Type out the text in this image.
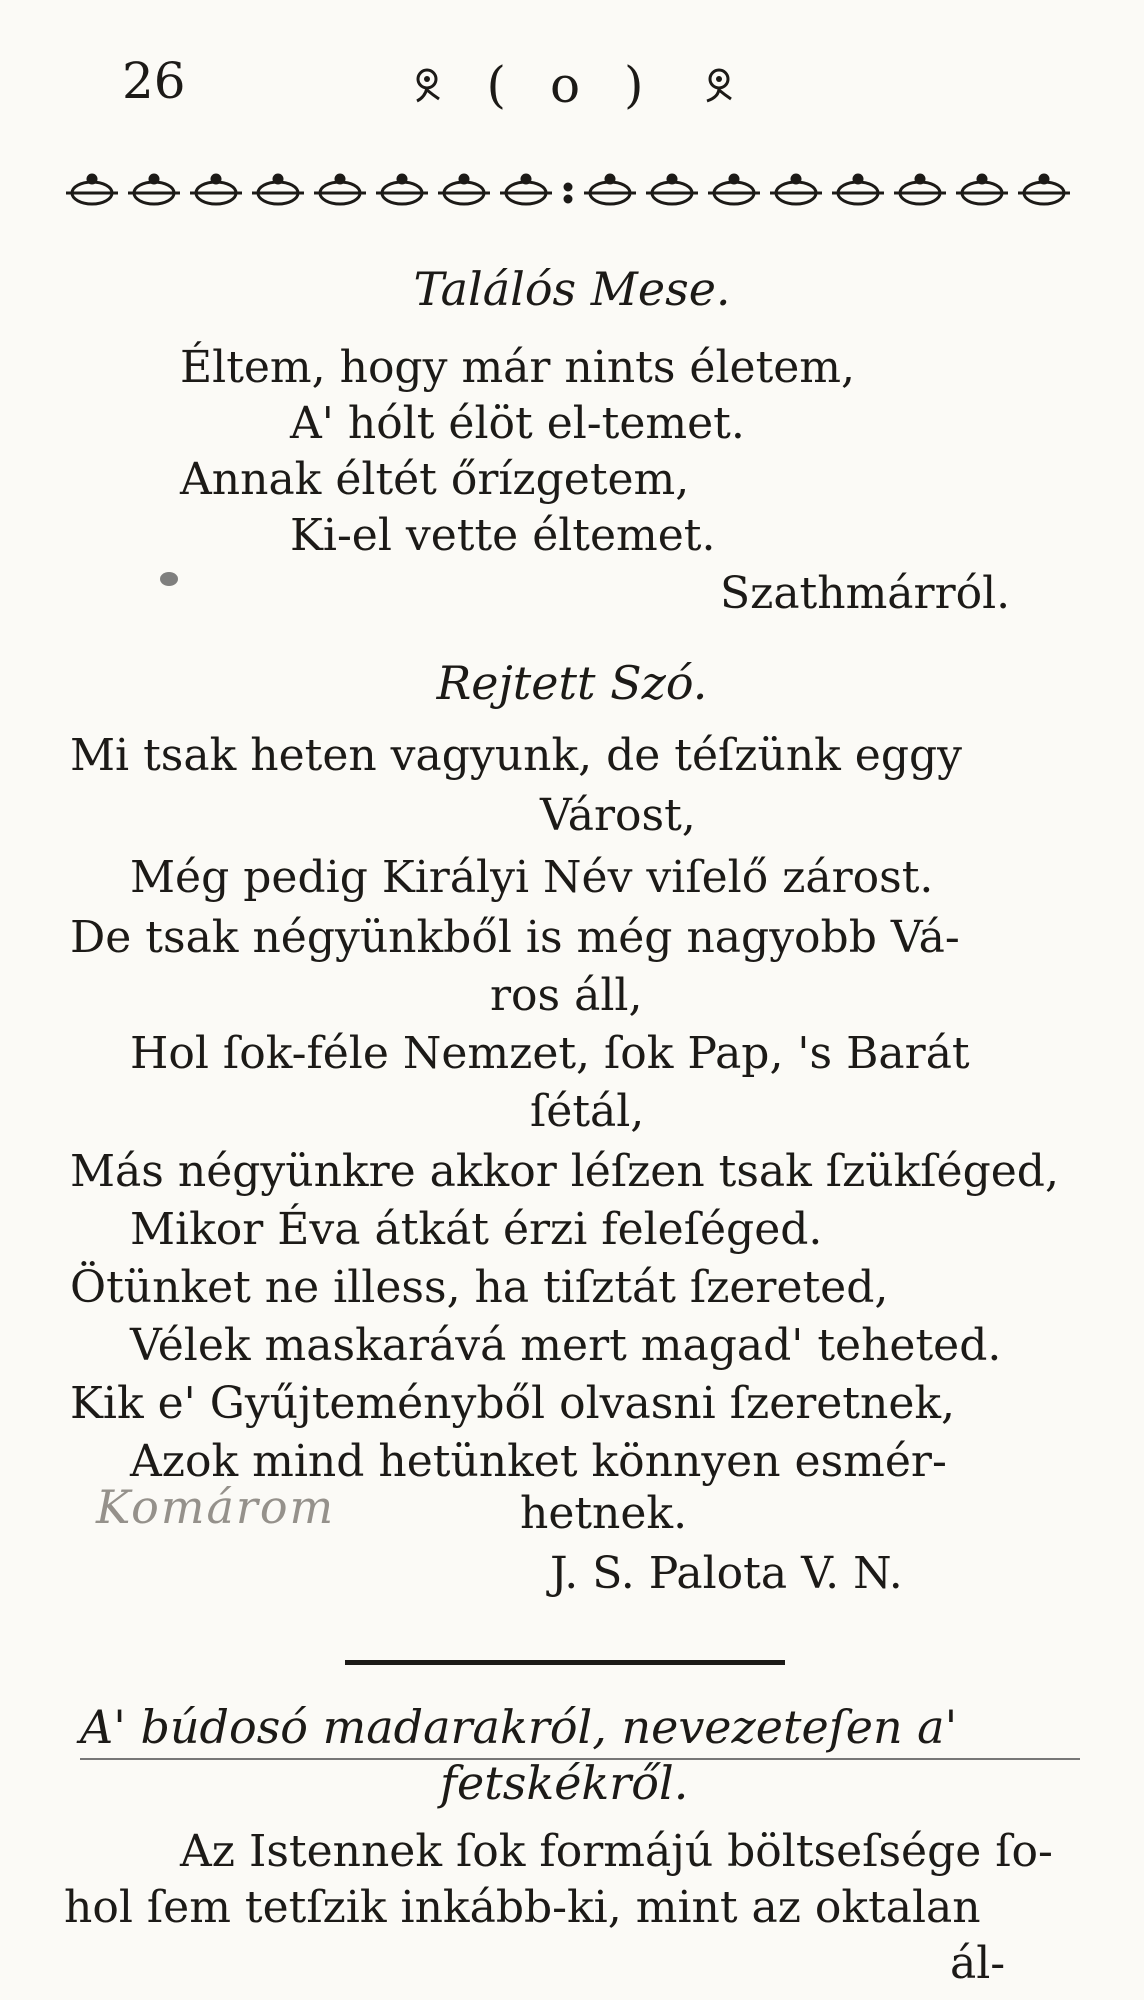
26	( o )
Találós Mese.
Éltem, hogy már nints életem,
A' hólt élöt el-temet.
Annak éltét őrízgetem,
Ki-el vette éltemet.
Szathmárról.
Rejtett Szó.
Mi tsak heten vagyunk, de téſzünk eggy
Várost,
Még pedig Királyi Név viſelő zárost.
De tsak négyünkből is még nagyobb Vá-
ros áll,
Hol ſok-féle Nemzet, ſok Pap, 's Barát
ſétál,
Más négyünkre akkor léſzen tsak ſzükſéged,
Mikor Éva átkát érzi feleſéged.
Ötünket ne illess, ha tiſztát ſzereted,
Vélek maskarává mert magad' teheted.
Kik e' Gyűjteményből olvasni ſzeretnek,
Azok mind hetünket könnyen esmér-
Komárom	hetnek.
J. S. Palota V. N.
A' búdosó madarakról, nevezeteſen a'
fetskékről.
Az Istennek ſok formájú böltseſsége ſo-
hol ſem tetſzik inkább-ki, mint az oktalan
ál-
